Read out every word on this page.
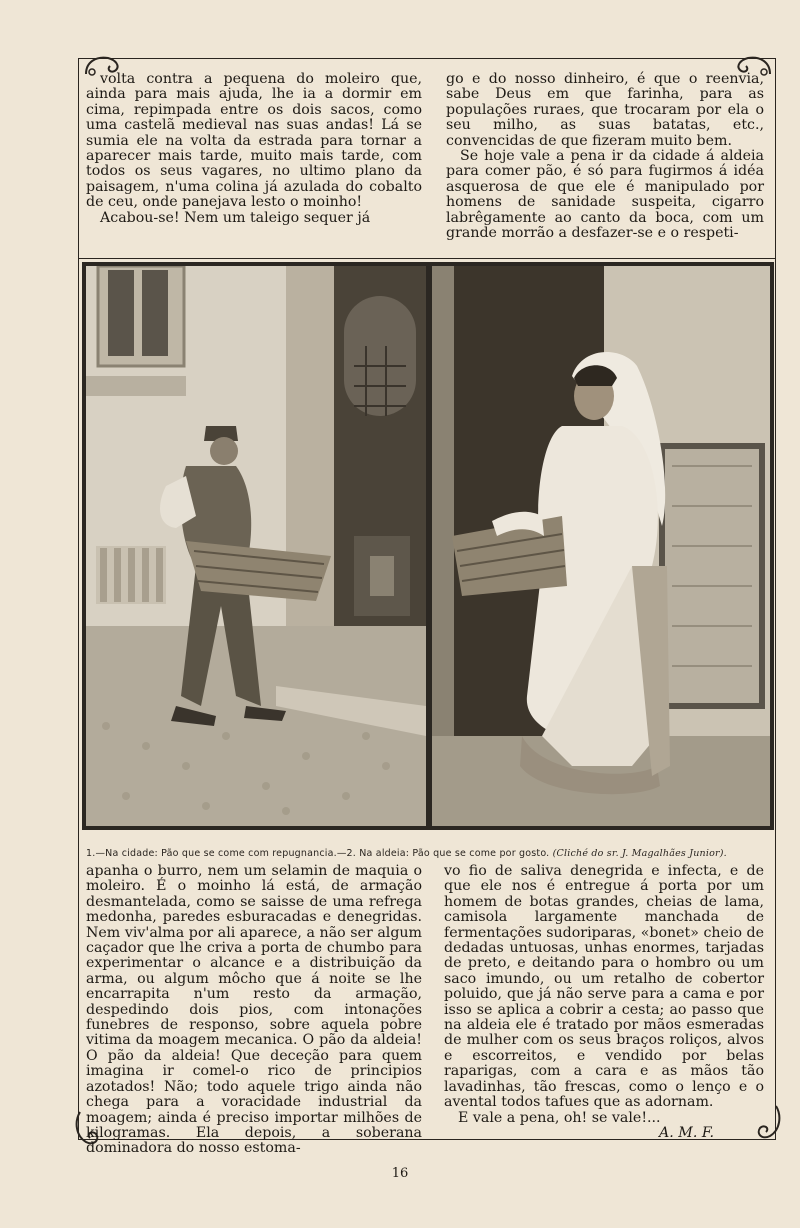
volta contra a pequena do moleiro que, ainda para mais ajuda, lhe ia a dormir em cima, repimpada entre os dois sacos, como uma castelã medieval nas suas andas! Lá se sumia ele na volta da estrada para tornar a aparecer mais tarde, muito mais tarde, com todos os seus vagares, no ultimo plano da paisagem, n'uma colina já azulada do cobalto de ceu, onde panejava lesto o moinho!

Acabou-se! Nem um taleigo sequer já

go e do nosso dinheiro, é que o reenvia, sabe Deus em que farinha, para as populações ruraes, que trocaram por ela o seu milho, as suas batatas, etc., convencidas de que fizeram muito bem.

Se hoje vale a pena ir da cidade á aldeia para comer pão, é só para fugirmos á idéa asquerosa de que ele é manipulado por homens de sanidade suspeita, cigarro labrêgamente ao canto da boca, com um grande morrão a desfazer-se e o respeti-

1.—Na cidade: Pão que se come com repugnancia.—2. Na aldeia: Pão que se come por gosto. (Cliché do sr. J. Magalhães Junior).

apanha o burro, nem um selamin de maquia o moleiro. É o moinho lá está, de armação desmantelada, como se saisse de uma refrega medonha, paredes esburacadas e denegridas. Nem viv'alma por ali aparece, a não ser algum caçador que lhe criva a porta de chumbo para experimentar o alcance e a distribuição da arma, ou algum môcho que á noite se lhe encarrapita n'um resto da armação, despedindo dois pios, com intonações funebres de responso, sobre aquela pobre vitima da moagem mecanica. O pão da aldeia! O pão da aldeia! Que deceção para quem imagina ir comel-o rico de principios azotados! Não; todo aquele trigo ainda não chega para a voracidade industrial da moagem; ainda é preciso importar milhões de kilogramas. Ela depois, a soberana dominadora do nosso estoma-

vo fio de saliva denegrida e infecta, e de que ele nos é entregue á porta por um homem de botas grandes, cheias de lama, camisola largamente manchada de fermentações sudoriparas, «bonet» cheio de dedadas untuosas, unhas enormes, tarjadas de preto, e deitando para o hombro ou um saco imundo, ou um retalho de cobertor poluido, que já não serve para a cama e por isso se aplica a cobrir a cesta; ao passo que na aldeia ele é tratado por mãos esmeradas de mulher com os seus braços roliços, alvos e escorreitos, e vendido por belas raparigas, com a cara e as mãos tão lavadinhas, tão frescas, como o lenço e o avental todos tafues que as adornam.

E vale a pena, oh! se vale!...

A. M. F.

16
